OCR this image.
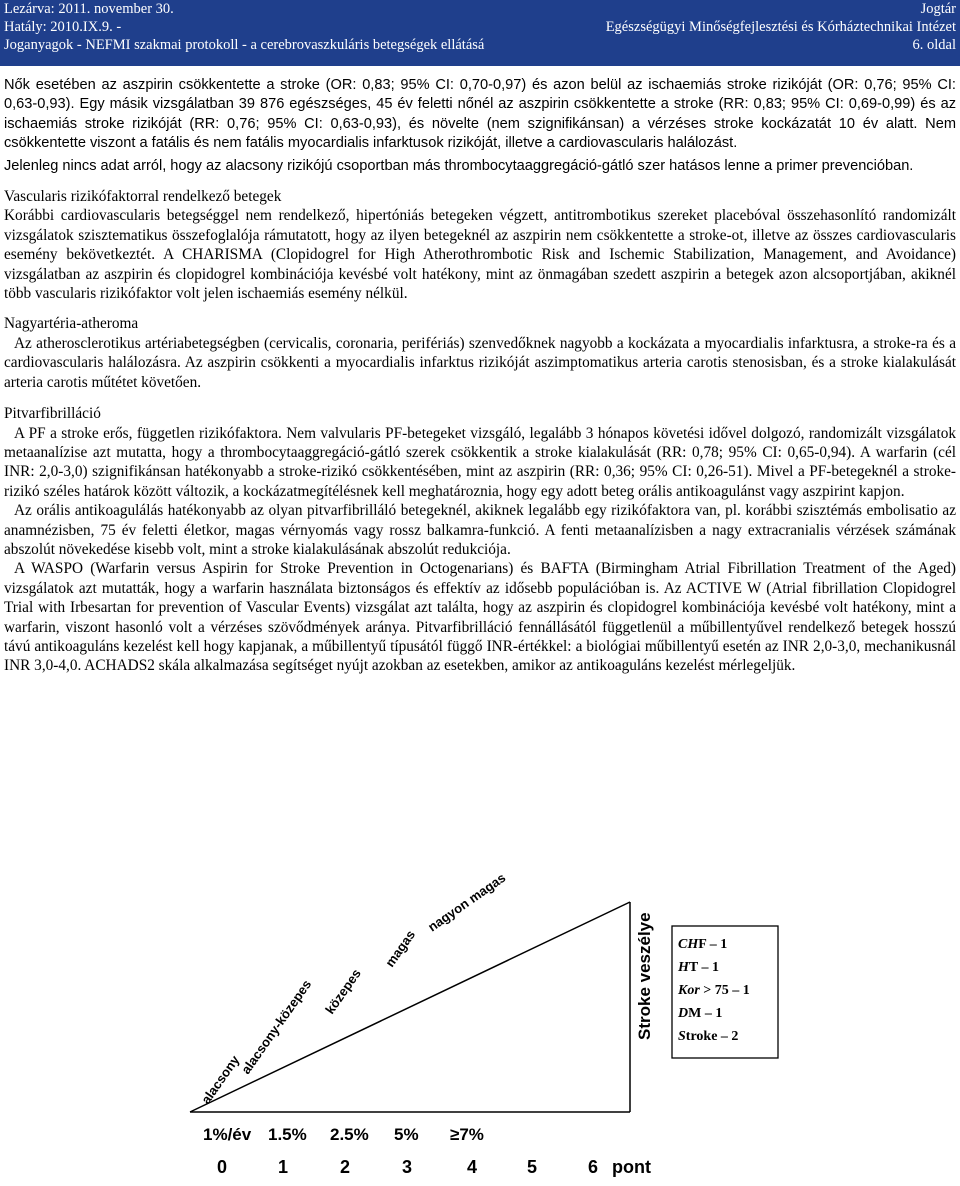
Lezárva: 2011. november 30.	Jogtár
Hatály: 2010.IX.9. -	Egészségügyi Minőségfejlesztési és Kórháztechnikai Intézet
Joganyagok - NEFMI szakmai protokoll - a cerebrovaszkuláris betegségek ellátásá	6. oldal

Nők esetében az aszpirin csökkentette a stroke (OR: 0,83; 95% CI: 0,70-0,97) és azon belül az ischaemiás stroke rizikóját (OR: 0,76; 95% CI: 0,63-0,93). Egy másik vizsgálatban 39 876 egészséges, 45 év feletti nőnél az aszpirin csökkentette a stroke (RR: 0,83; 95% CI: 0,69-0,99) és az ischaemiás stroke rizikóját (RR: 0,76; 95% CI: 0,63-0,93), és növelte (nem szignifikánsan) a vérzéses stroke kockázatát 10 év alatt. Nem csökkentette viszont a fatális és nem fatális myocardialis infarktusok rizikóját, illetve a cardiovascularis halálozást.

Jelenleg nincs adat arról, hogy az alacsony rizikójú csoportban más thrombocytaaggregáció-gátló szer hatásos lenne a primer prevencióban.

Vascularis rizikófaktorral rendelkező betegek

Korábbi cardiovascularis betegséggel nem rendelkező, hipertóniás betegeken végzett, antitrombotikus szereket placebóval összehasonlító randomizált vizsgálatok szisztematikus összefoglalója rámutatott, hogy az ilyen betegeknél az aszpirin nem csökkentette a stroke-ot, illetve az összes cardiovascularis esemény bekövetkeztét. A CHARISMA (Clopidogrel for High Atherothrombotic Risk and Ischemic Stabilization, Management, and Avoidance) vizsgálatban az aszpirin és clopidogrel kombinációja kevésbé volt hatékony, mint az önmagában szedett aszpirin a betegek azon alcsoportjában, akiknél több vascularis rizikófaktor volt jelen ischaemiás esemény nélkül.

Nagyartéria-atheroma

Az atherosclerotikus artériabetegségben (cervicalis, coronaria, perifériás) szenvedőknek nagyobb a kockázata a myocardialis infarktusra, a stroke-ra és a cardiovascularis halálozásra. Az aszpirin csökkenti a myocardialis infarktus rizikóját aszimptomatikus arteria carotis stenosisban, és a stroke kialakulását arteria carotis műtétet követően.

Pitvarfibrilláció

A PF a stroke erős, független rizikófaktora. Nem valvularis PF-betegeket vizsgáló, legalább 3 hónapos követési idővel dolgozó, randomizált vizsgálatok metaanalízise azt mutatta, hogy a thrombocytaaggregáció-gátló szerek csökkentik a stroke kialakulását (RR: 0,78; 95% CI: 0,65-0,94). A warfarin (cél INR: 2,0-3,0) szignifikánsan hatékonyabb a stroke-rizikó csökkentésében, mint az aszpirin (RR: 0,36; 95% CI: 0,26-51). Mivel a PF-betegeknél a stroke-rizikó széles határok között változik, a kockázatmegítélésnek kell meghatároznia, hogy egy adott beteg orális antikoagulánst vagy aszpirint kapjon.

Az orális antikoagulálás hatékonyabb az olyan pitvarfibrilláló betegeknél, akiknek legalább egy rizikófaktora van, pl. korábbi szisztémás embolisatio az anamnézisben, 75 év feletti életkor, magas vérnyomás vagy rossz balkamra-funkció. A fenti metaanalízisben a nagy extracranialis vérzések számának abszolút növekedése kisebb volt, mint a stroke kialakulásának abszolút redukciója.

A WASPO (Warfarin versus Aspirin for Stroke Prevention in Octogenarians) és BAFTA (Birmingham Atrial Fibrillation Treatment of the Aged) vizsgálatok azt mutatták, hogy a warfarin használata biztonságos és effektív az idősebb populációban is. Az ACTIVE W (Atrial fibrillation Clopidogrel Trial with Irbesartan for prevention of Vascular Events) vizsgálat azt találta, hogy az aszpirin és clopidogrel kombinációja kevésbé volt hatékony, mint a warfarin, viszont hasonló volt a vérzéses szövődmények aránya. Pitvarfibrilláció fennállásától függetlenül a műbillentyűvel rendelkező betegek hosszú távú antikoaguláns kezelést kell hogy kapjanak, a műbillentyű típusától függő INR-értékkel: a biológiai műbillentyű esetén az INR 2,0-3,0, mechanikusnál INR 3,0-4,0. ACHADS2 skála alkalmazása segítséget nyújt azokban az esetekben, amikor az antikoaguláns kezelést mérlegeljük.

alacsony
alacsony-közepes közepes
magas
nagyon magas
1%/év 1.5% 2.5% 5% ≥7%
0	1	2	3	4	5	6 pont
Stroke veszélye CHF – 1
HT – 1
Kor > 75 – 1
DM – 1
Stroke – 2
